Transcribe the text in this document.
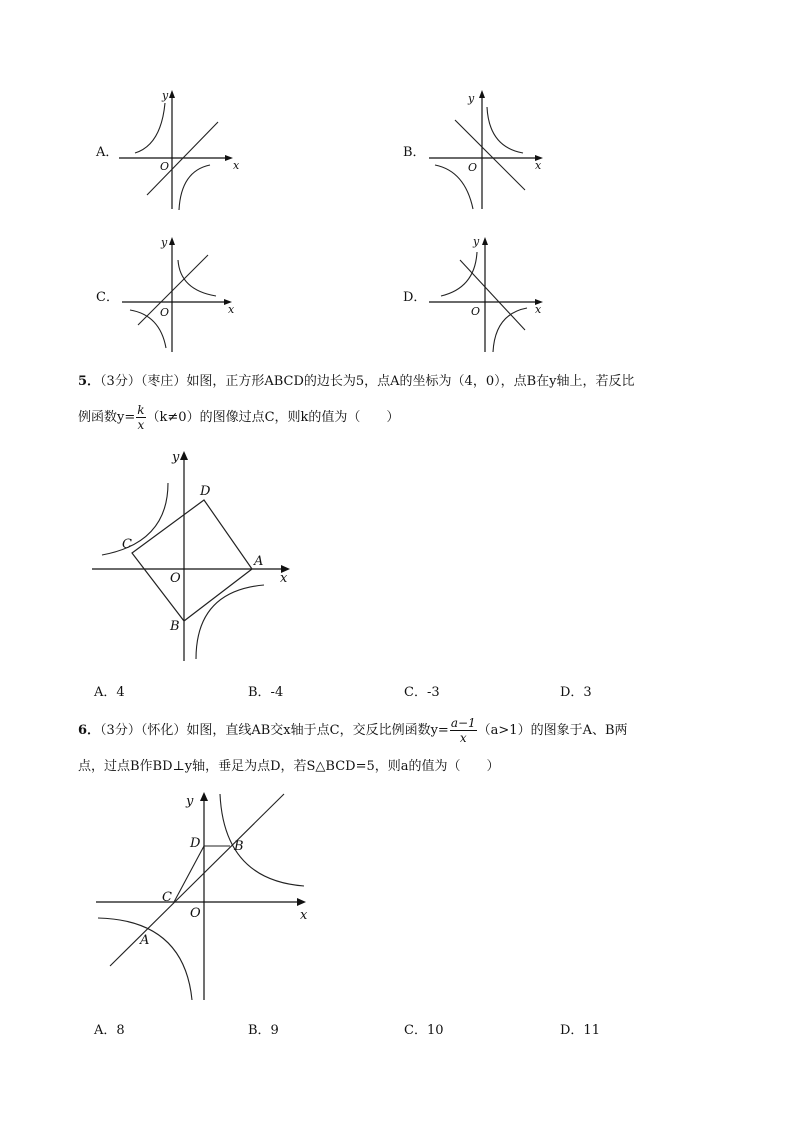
A．
x
y
O
B．
x
y
O
C．
x
y
O
D．
x
y
O
5．（3分）（枣庄）如图，正方形ABCD的边长为5，点A的坐标为（4，0），点B在y轴上，若反比
例函数$y= \frac{k}{x} (k\ne 0)$的图像过点C，则k的值为（　　）
y
x
O
A
B
C
D
A．4	B．-4	C．-3	D．3
6．（3分）（怀化）如图，直线AB交x轴于点C，交反比例函数$y= \frac{a-1}{x} (a>1)$的图象于A、B两
点，过点B作BD⊥y轴，垂足为点D，若S△BCD=5，则a的值为（　　）
y
x
O
A
B
C
D
A．8	B．9	C．10	D．11
